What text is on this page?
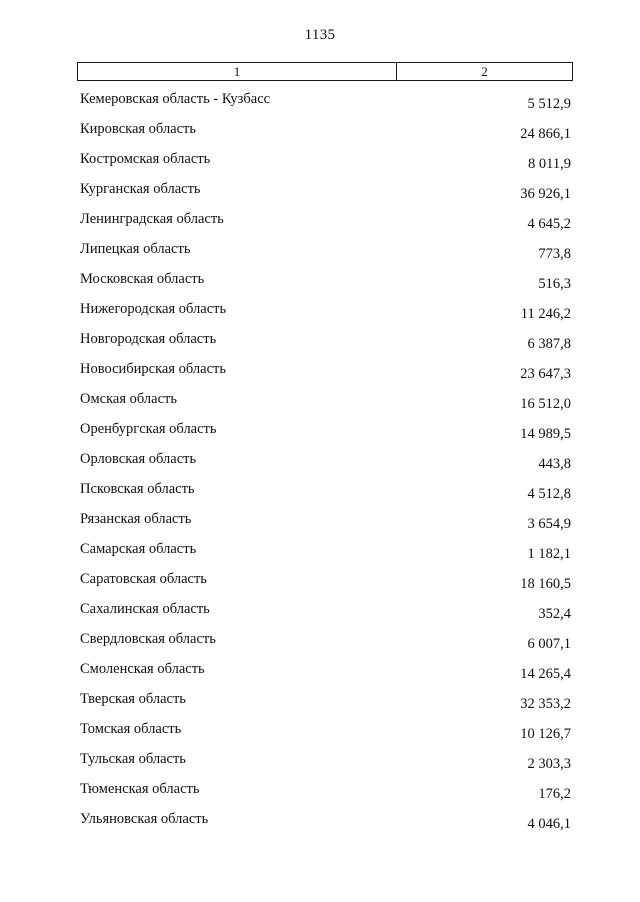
1135
1	2
Кемеровская область - Кузбасс	5 512,9
Кировская область	24 866,1
Костромская область	8 011,9
Курганская область	36 926,1
Ленинградская область	4 645,2
Липецкая область	773,8
Московская область	516,3
Нижегородская область	11 246,2
Новгородская область	6 387,8
Новосибирская область	23 647,3
Омская область	16 512,0
Оренбургская область	14 989,5
Орловская область	443,8
Псковская область	4 512,8
Рязанская область	3 654,9
Самарская область	1 182,1
Саратовская область	18 160,5
Сахалинская область	352,4
Свердловская область	6 007,1
Смоленская область	14 265,4
Тверская область	32 353,2
Томская область	10 126,7
Тульская область	2 303,3
Тюменская область	176,2
Ульяновская область	4 046,1
